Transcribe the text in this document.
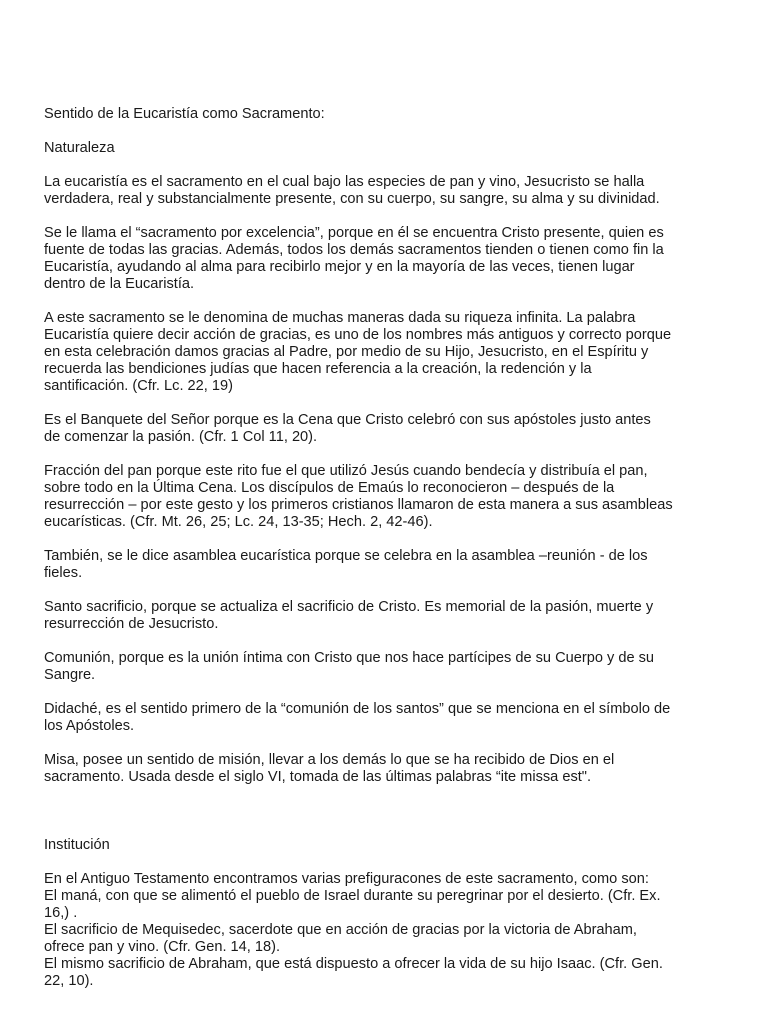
Sentido de la Eucaristía como Sacramento:

Naturaleza

La eucaristía es el sacramento en el cual bajo las especies de pan y vino, Jesucristo se halla
verdadera, real y substancialmente presente, con su cuerpo, su sangre, su alma y su divinidad.

Se le llama el “sacramento por excelencia”, porque en él se encuentra Cristo presente, quien es
fuente de todas las gracias. Además, todos los demás sacramentos tienden o tienen como fin la
Eucaristía, ayudando al alma para recibirlo mejor y en la mayoría de las veces, tienen lugar
dentro de la Eucaristía.

A este sacramento se le denomina de muchas maneras dada su riqueza infinita. La palabra
Eucaristía quiere decir acción de gracias, es uno de los nombres más antiguos y correcto porque
en esta celebración damos gracias al Padre, por medio de su Hijo, Jesucristo, en el Espíritu y
recuerda las bendiciones judías que hacen referencia a la creación, la redención y la
santificación. (Cfr. Lc. 22, 19)

Es el Banquete del Señor porque es la Cena que Cristo celebró con sus apóstoles justo antes
de comenzar la pasión. (Cfr. 1 Col 11, 20).

Fracción del pan porque este rito fue el que utilizó Jesús cuando bendecía y distribuía el pan,
sobre todo en la Última Cena. Los discípulos de Emaús lo reconocieron – después de la
resurrección – por este gesto y los primeros cristianos llamaron de esta manera a sus asambleas
eucarísticas. (Cfr. Mt. 26, 25; Lc. 24, 13-35; Hech. 2, 42-46).

También, se le dice asamblea eucarística porque se celebra en la asamblea –reunión - de los
fieles.

Santo sacrificio, porque se actualiza el sacrificio de Cristo. Es memorial de la pasión, muerte y
resurrección de Jesucristo.

Comunión, porque es la unión íntima con Cristo que nos hace partícipes de su Cuerpo y de su
Sangre.

Didaché, es el sentido primero de la “comunión de los santos” que se menciona en el símbolo de
los Apóstoles.

Misa, posee un sentido de misión, llevar a los demás lo que se ha recibido de Dios en el
sacramento. Usada desde el siglo VI, tomada de las últimas palabras “ite missa est".

Institución

En el Antiguo Testamento encontramos varias prefiguracones de este sacramento, como son:
El maná, con que se alimentó el pueblo de Israel durante su peregrinar por el desierto. (Cfr. Ex.
16,) .
El sacrificio de Mequisedec, sacerdote que en acción de gracias por la victoria de Abraham,
ofrece pan y vino. (Cfr. Gen. 14, 18).
El mismo sacrificio de Abraham, que está dispuesto a ofrecer la vida de su hijo Isaac. (Cfr. Gen.
22, 10).
